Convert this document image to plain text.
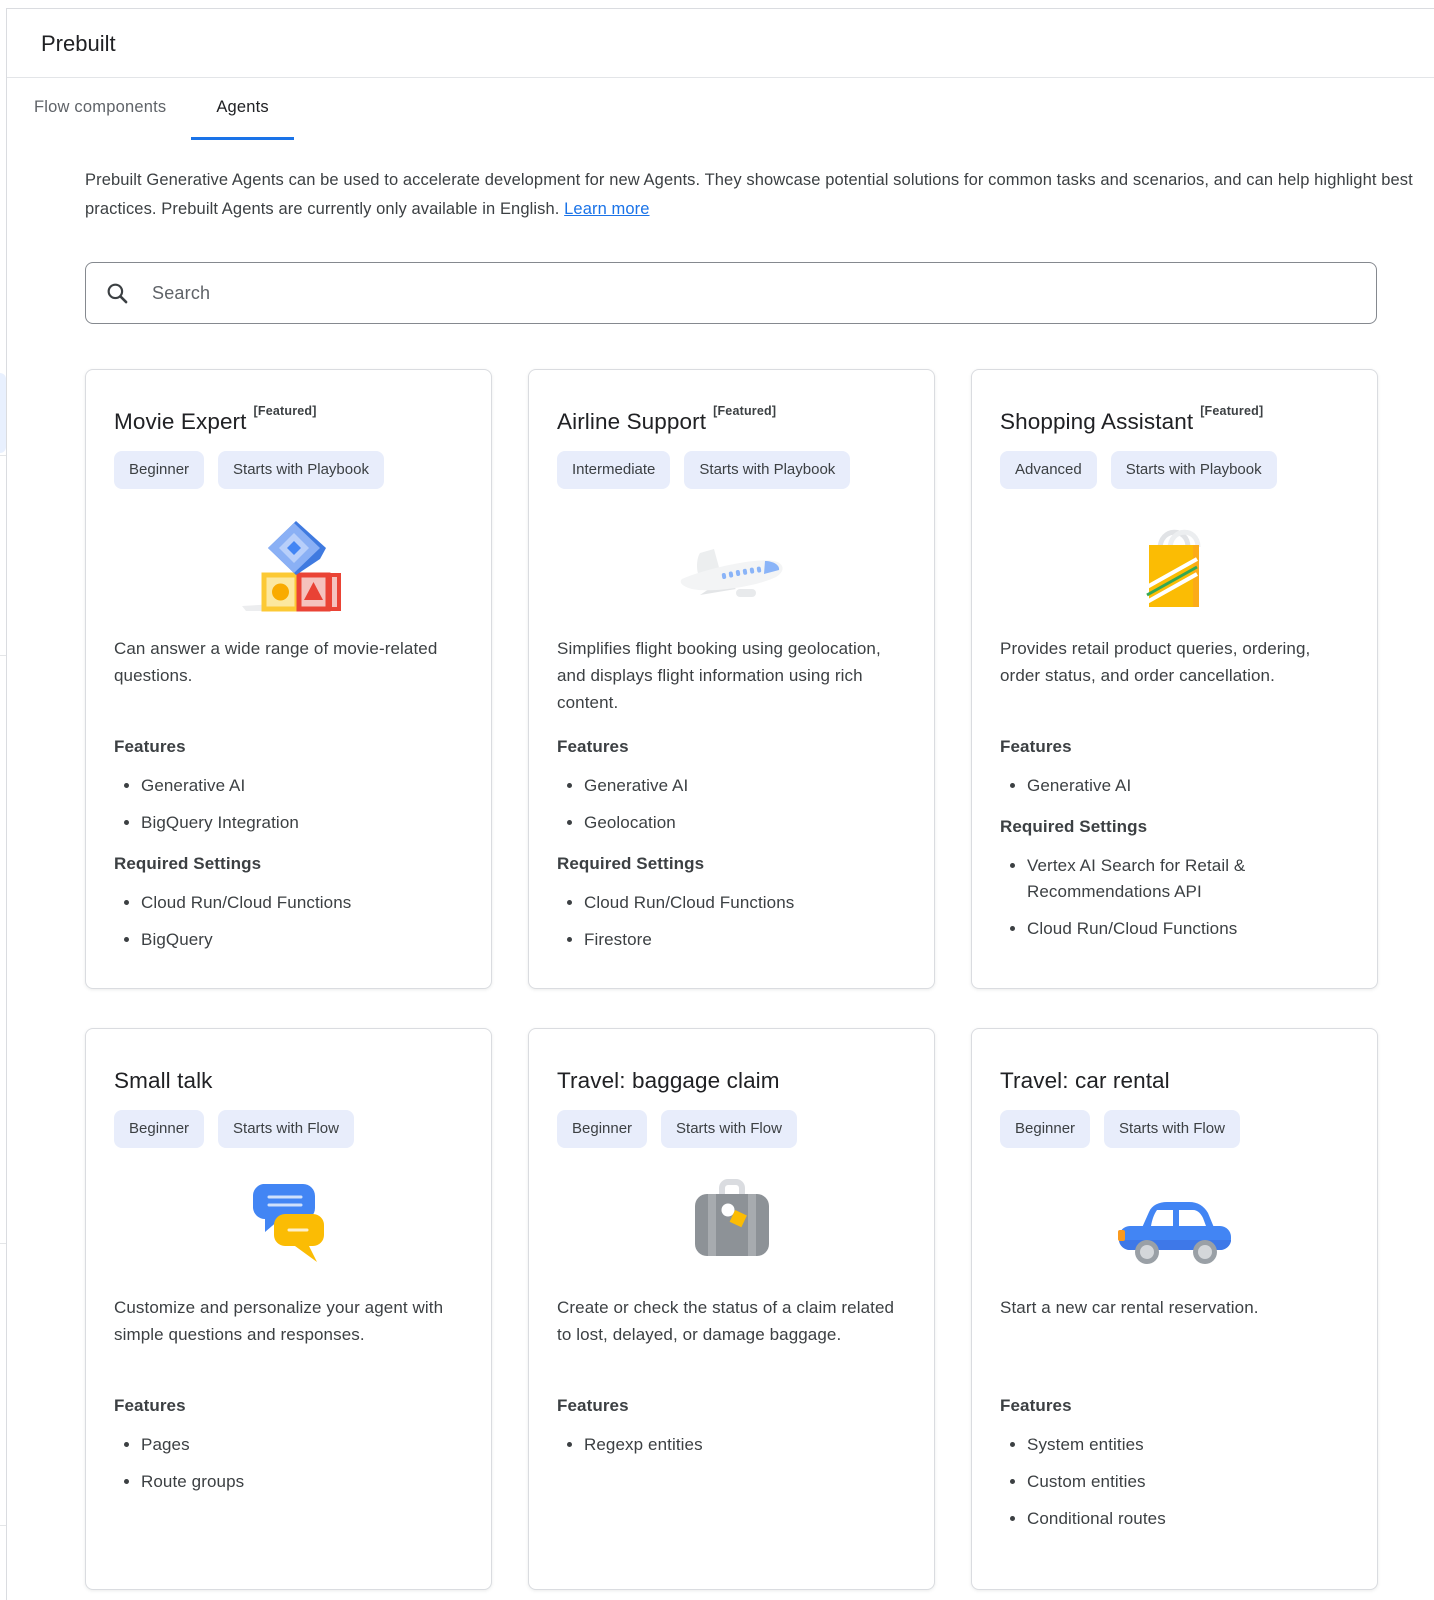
Prebuilt
Flow components	Agents

Prebuilt Generative Agents can be used to accelerate development for new Agents. They showcase potential solutions for common tasks and scenarios, and can help highlight best practices. Prebuilt Agents are currently only available in English. Learn more

Search
Movie Expert [Featured]
Beginner	Starts with Playbook

Can answer a wide range of movie-related questions.

Features
• Generative AI
• BigQuery Integration
Required Settings
• Cloud Run/Cloud Functions
• BigQuery
Airline Support [Featured]
Intermediate	Starts with Playbook

Simplifies flight booking using geolocation, and displays flight information using rich content.

Features
• Generative AI
• Geolocation
Required Settings
• Cloud Run/Cloud Functions
• Firestore
Shopping Assistant [Featured]
Advanced	Starts with Playbook

Provides retail product queries, ordering, order status, and order cancellation.

Features
• Generative AI
Required Settings
• Vertex AI Search for Retail & Recommendations API
• Cloud Run/Cloud Functions
Small talk
Beginner	Starts with Flow

Customize and personalize your agent with simple questions and responses.

Features
• Pages
• Route groups
Travel: baggage claim
Beginner	Starts with Flow

Create or check the status of a claim related to lost, delayed, or damage baggage.

Features
• Regexp entities
Travel: car rental
Beginner	Starts with Flow

Start a new car rental reservation.

Features
• System entities
• Custom entities
• Conditional routes
